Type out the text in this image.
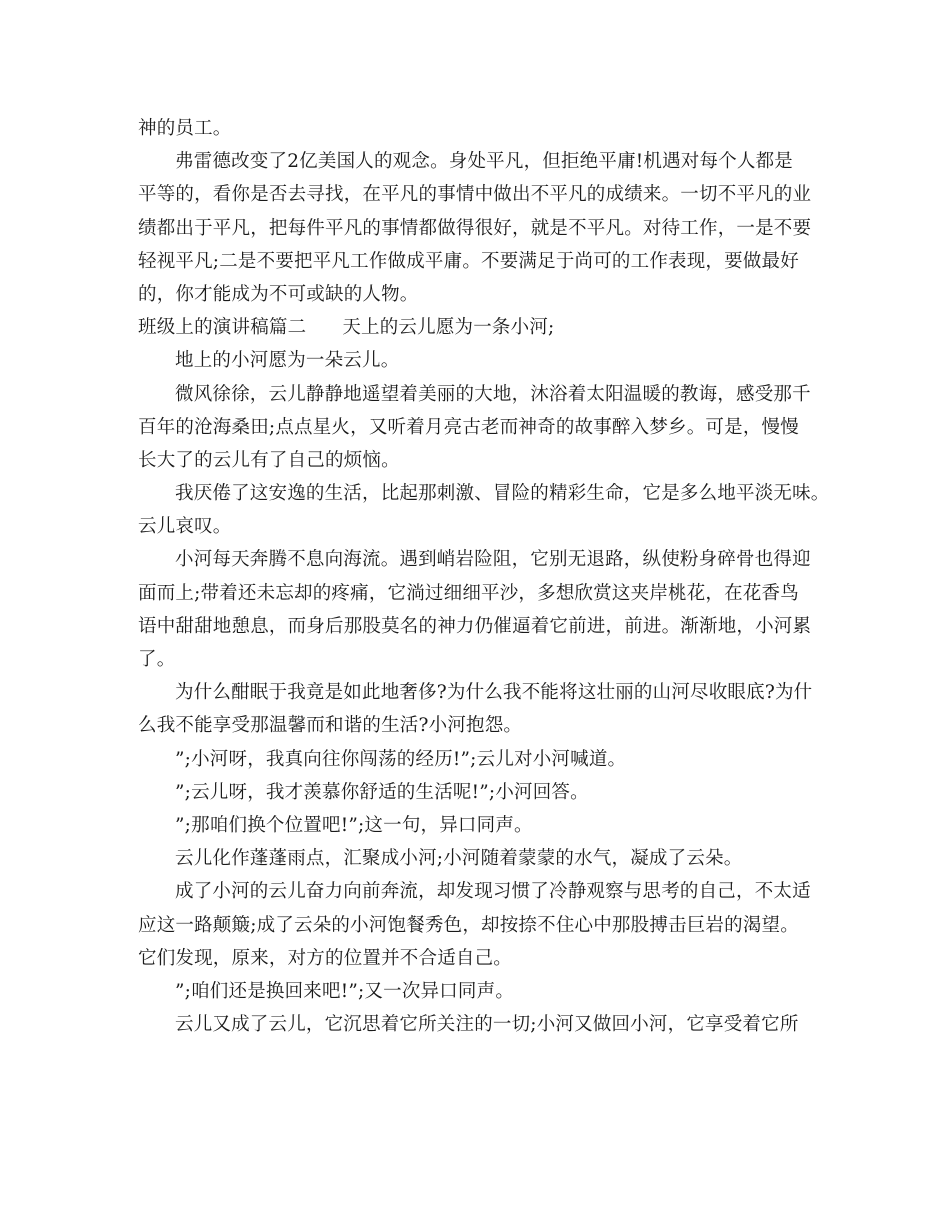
神的员工。
弗雷德改变了2亿美国人的观念。身处平凡，但拒绝平庸!机遇对每个人都是
平等的，看你是否去寻找，在平凡的事情中做出不平凡的成绩来。一切不平凡的业
绩都出于平凡，把每件平凡的事情都做得很好，就是不平凡。对待工作，一是不要
轻视平凡;二是不要把平凡工作做成平庸。不要满足于尚可的工作表现，要做最好
的，你才能成为不可或缺的人物。
班级上的演讲稿篇二 天上的云儿愿为一条小河;
地上的小河愿为一朵云儿。
微风徐徐，云儿静静地遥望着美丽的大地，沐浴着太阳温暖的教诲，感受那千
百年的沧海桑田;点点星火，又听着月亮古老而神奇的故事醉入梦乡。可是，慢慢
长大了的云儿有了自己的烦恼。
我厌倦了这安逸的生活，比起那刺激、冒险的精彩生命，它是多么地平淡无味。
云儿哀叹。
小河每天奔腾不息向海流。遇到峭岩险阻，它别无退路，纵使粉身碎骨也得迎
面而上;带着还未忘却的疼痛，它淌过细细平沙，多想欣赏这夹岸桃花，在花香鸟
语中甜甜地憩息，而身后那股莫名的神力仍催逼着它前进，前进。渐渐地，小河累
了。
为什么酣眠于我竟是如此地奢侈?为什么我不能将这壮丽的山河尽收眼底?为什
么我不能享受那温馨而和谐的生活?小河抱怨。
”;小河呀，我真向往你闯荡的经历!”;云儿对小河喊道。
”;云儿呀，我才羡慕你舒适的生活呢!”;小河回答。
”;那咱们换个位置吧!”;这一句，异口同声。
云儿化作蓬蓬雨点，汇聚成小河;小河随着蒙蒙的水气，凝成了云朵。
成了小河的云儿奋力向前奔流，却发现习惯了冷静观察与思考的自己，不太适
应这一路颠簸;成了云朵的小河饱餐秀色，却按捺不住心中那股搏击巨岩的渴望。
它们发现，原来，对方的位置并不合适自己。
”;咱们还是换回来吧!”;又一次异口同声。
云儿又成了云儿，它沉思着它所关注的一切;小河又做回小河，它享受着它所
